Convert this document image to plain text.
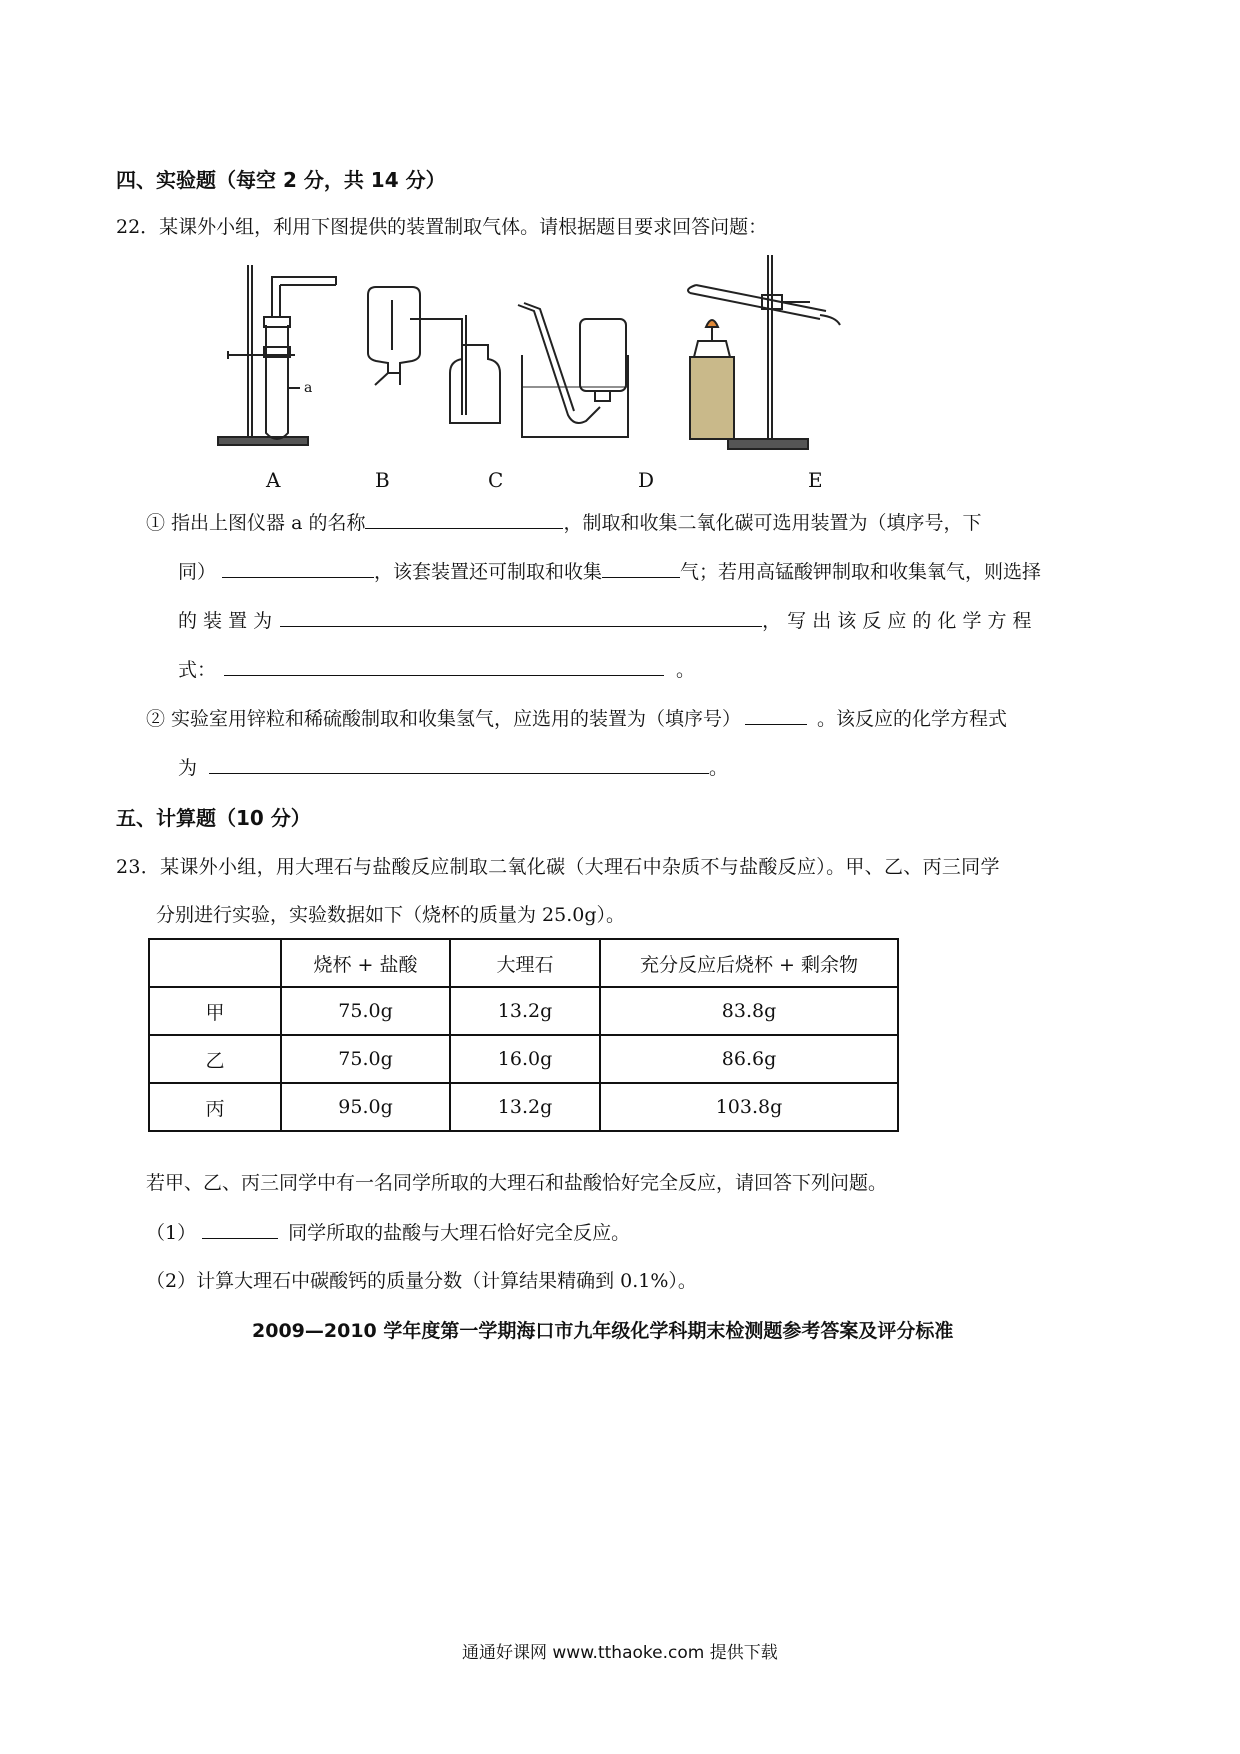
四、实验题（每空 2 分，共 14 分）
22．某课外小组，利用下图提供的装置制取气体。请根据题目要求回答问题：
a
A	B	C	D	E
① 指出上图仪器 a 的名称	，制取和收集二氧化碳可选用装置为（填序号，下
同）	，该套装置还可制取和收集	气；若用高锰酸钾制取和收集氧气，则选择
的 装 置 为	， 写 出 该 反 应 的 化 学 方 程
式：	。
② 实验室用锌粒和稀硫酸制取和收集氢气，应选用的装置为（填序号）	。该反应的化学方程式
为	。
五、计算题（10 分）
23．某课外小组，用大理石与盐酸反应制取二氧化碳（大理石中杂质不与盐酸反应）。甲、乙、丙三同学
分别进行实验，实验数据如下（烧杯的质量为 25.0g）。
	烧杯 + 盐酸	大理石	充分反应后烧杯 + 剩余物
甲	75.0g	13.2g	83.8g
乙	75.0g	16.0g	86.6g
丙	95.0g	13.2g	103.8g
若甲、乙、丙三同学中有一名同学所取的大理石和盐酸恰好完全反应，请回答下列问题。
（1）	同学所取的盐酸与大理石恰好完全反应。
（2）计算大理石中碳酸钙的质量分数（计算结果精确到 0.1%）。
2009—2010 学年度第一学期海口市九年级化学科期末检测题参考答案及评分标准
通通好课网 www.tthaoke.com 提供下载
